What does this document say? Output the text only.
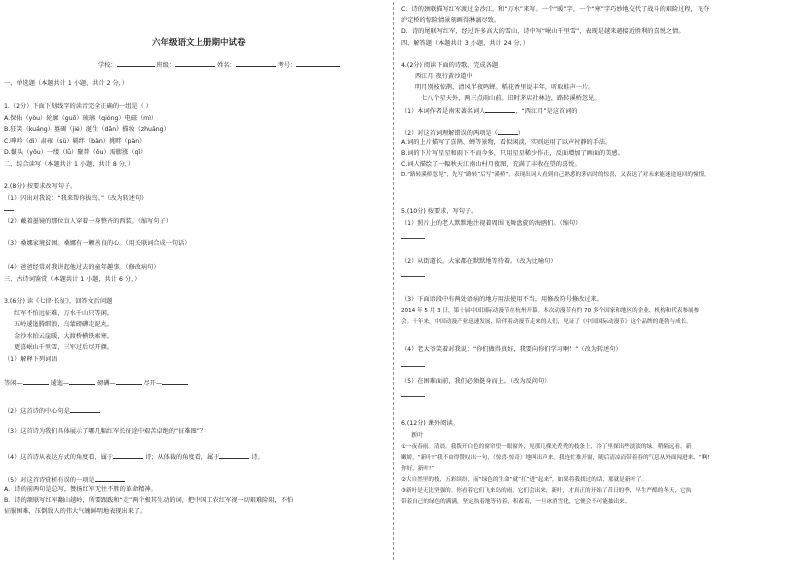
六年级语文上册期中试卷
学校：	班级：	姓名：	考号：
一、单选题（本题共计 1 小题，共计 2 分，）
1.（2分）下面下划线字的读音完全正确的一组是（ ）
A.保佑（yòu）轮廓（guō）琉璃（qióng）电磁（mì）
B.狂笑（kuáng）墓碣（jié）涎生（dān）描妆（zhuāng）
C.呻吟（dì）肃雍（sù）羁绊（bàn）挑畔（pàn）
D.鬣头（yǒu）一缕（lǚ）聚普（ǒu）需膨涨（qǐ）
二、综合读写（本题共计 1 小题，共计 8 分，）
2.(8分) 按要求改写句子。
（1）闪出对我说：“我来帮你拔鸟。”（改为转述句）
（2）戴着墨镜的那位盲人穿着一身整齐的西装。（缩写句子）
（3）桑娜家境贫困。桑娜有一颗善良的心。（用关联词合成一句话）
（4）爸爸经常对我讲起他过去的童年趣事。（修改病句）
三、古诗词鉴赏（本题共计 1 小题，共计 6 分，）
3.(6分) 读《七律·长征》，回答文后问题
红军不怕远征难，万水千山只等闲。
五岭逶迤腾细浪，乌蒙磅礴走泥丸。
金沙水拍云崖暖，大渡桥横铁索寒。
更喜岷山千里雪，三军过后尽开颜。
（1）解释下列词语
等闲—	逶迤—	磅礴—	尽开—
（2）这首诗的中心句是
（3）这首诗为我们具体展示了哪几幅红军长征途中艰苦卓绝的“征难图”？
（4）这首诗从表达方式的角度看，属于	诗；从体裁的角度看，属于	诗。
（5）对这首诗赏析有误的一项是
A．诗的前两句是总写，赞扬红军无往不胜的革命精神。
B．诗的颔联写红军翻山越岭，所要跟跋和“走”两个极其生动的词，把中国工农红军视一切艰难险阻，不怕
征服困难，压倒敌人的伟大气魄鲜明地表现出来了。
C．诗的颈联描写红军渡过金沙江，和“万水”来写。一个“暖”字，一个“寒”字巧妙地交代了战斗的艰险过程，飞夺
泸定桥的惊险情景刻画得淋漓尽致。
D．诗的尾联写红军，经过许多高大的雪山，诗中写“岷山千里雪”，表现是越来越接近胜利的喜悦之情。
四、解答题（本题共计 3 小题，共计 24 分，）
4.(2分) 阅读下面的诗歌，完成各题
西江月 夜行黄沙道中
明月别枝惊鹊，清风半夜鸣蝉。稻花香里说丰年，听取蛙声一片。
七八个星天外，两三点雨山前。旧时茅店社林边，路转溪桥忽见。
（1）本词作者是南宋著名词人	，“西江月”是这首词的
（2）对这首词理解错误的两项是（	）
A.词的上片描写了喜鹊、蝉等景物，看似闲淡，实则运用了以声衬静的手法。
B.词的下片写星星和雨下不而今多，只用星星稀少作正，反面增加了画面的美感。
C.词人描绘了一幅秋天江南山村月夜图，充满了丰收在望的喜悦。
D.“路转溪桥忽见”，先写“路转”后写“溪桥”，表现出词人看到自己熟悉的茅店时的惊喜，又表达了对未来能迷途返回的憧憬。
5.(10分) 按要求，写句子。
（1）照片上的老人默默地注视着周围飞舞盘旋的海鸥们。（缩句）
（2）从街道长，大家都在默默地等待着。（改为比喻句）
（3）下面语段中有两处语病的地方用法使用不当，用修改符号修改过来。
2014 年 5 月 3 日，第十届中国国际动漫节在杭州开幕。本次动漫节有约 70 多个国家和地区的企业、机构和代表参展参
会。十年来，中国动漫产业迅速发展，陪伴着动漫节走来的人们，见证了《中国国际动漫节》这个品牌的蓬勃与成长。
（4）老大爷笑着对我说：“你们做得真好，我要向你们学习啊！”（改为转述句）
（5）在困难面前，我们必须挺身而上。（改为反问句）
6.(12分) 课外阅读。
新叶
①一夜春雨。清晨，我拨开白色的窗帘望一眼窗外，见那几棵光秃秃的枝条上，冷丁里探出些淡淡的绿，稍隔远看，新
嫩娇。“新叶!”我不由得赞叹出一句，（惊喜·惊奇）地叫出声来。我连忙推开窗，随后清凉而带着春的气息从外面闯进来，“啊!
你好，新叶!”
②大自然里的枝，五彩缤纷，而“绿色的生命”就“扛”进“起来”，如果将我找过的话，那就是新叶了。
③新叶是无比坚强的。你看着它们飞来岛的雨，它们会出来，新叶，才真正的开始了昔日的季，早生严酷的冬天，它执
带着自己的绿色的满满，坚定执着地等待着，积蓄着，一旦冰消雪化，它便会不可能抽出来。
